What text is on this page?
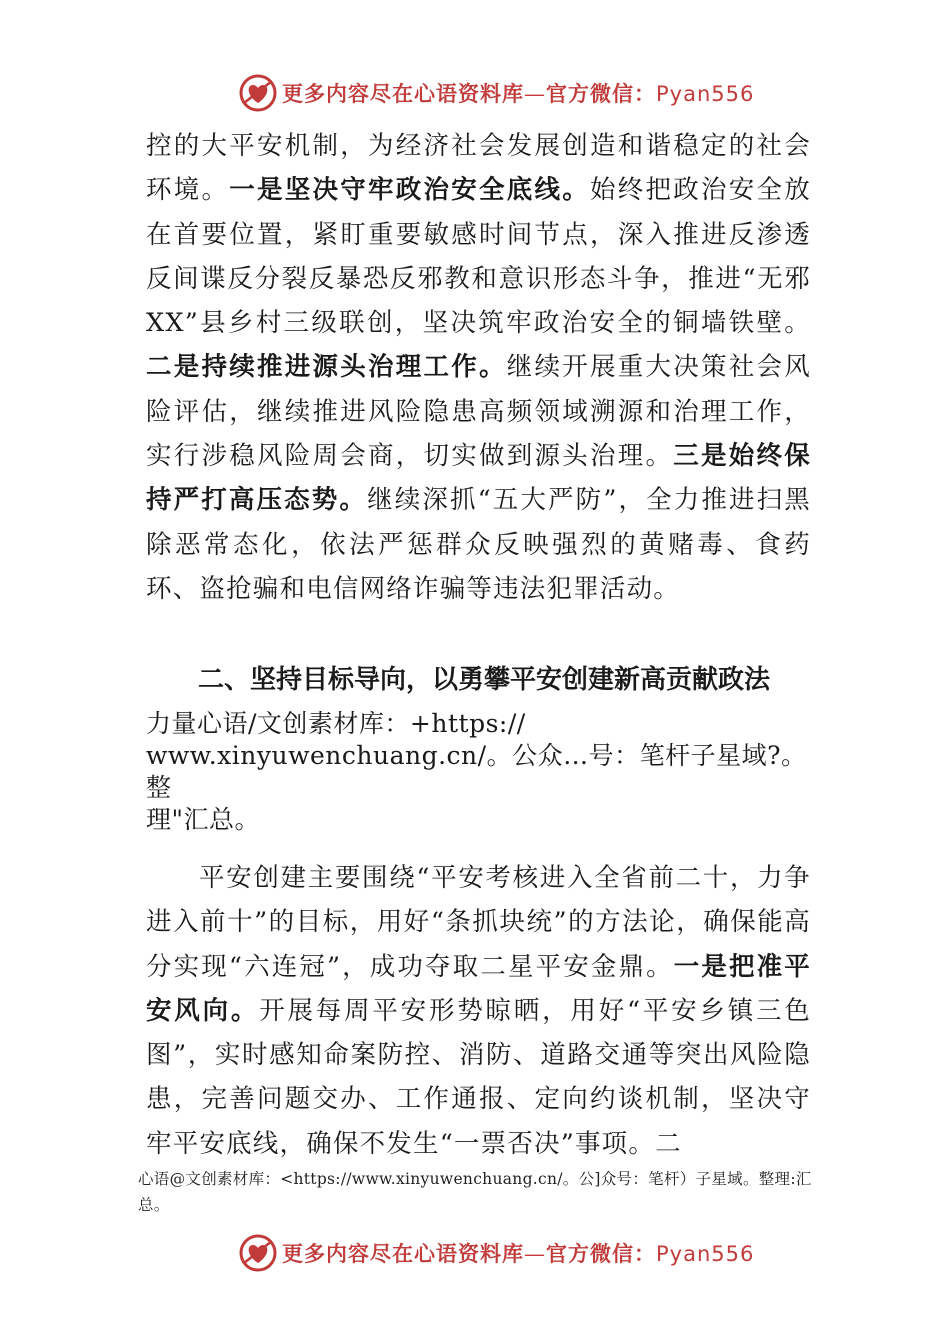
更多内容尽在心语资料库—官方微信：Pyan556

控的大平安机制，为经济社会发展创造和谐稳定的社会环境。一是坚决守牢政治安全底线。始终把政治安全放在首要位置，紧盯重要敏感时间节点，深入推进反渗透反间谍反分裂反暴恐反邪教和意识形态斗争，推进“无邪 XX”县乡村三级联创，坚决筑牢政治安全的铜墙铁壁。二是持续推进源头治理工作。继续开展重大决策社会风险评估，继续推进风险隐患高频领域溯源和治理工作，实行涉稳风险周会商，切实做到源头治理。三是始终保持严打高压态势。继续深抓“五大严防”，全力推进扫黑除恶常态化，依法严惩群众反映强烈的黄赌毒、食药环、盗抢骗和电信网络诈骗等违法犯罪活动。

二、坚持目标导向，以勇攀平安创建新高贡献政法
力量心语/文创素材库：+https://
www.xinyuwenchuang.cn/。公众…号：笔杆子星域?。整
理"汇总。

平安创建主要围绕“平安考核进入全省前二十，力争进入前十”的目标，用好“条抓块统”的方法论，确保能高分实现“六连冠”，成功夺取二星平安金鼎。一是把准平安风向。开展每周平安形势晾晒，用好“平安乡镇三色图”，实时感知命案防控、消防、道路交通等突出风险隐患，完善问题交办、工作通报、定向约谈机制，坚决守牢平安底线，确保不发生“一票否决”事项。二

心语@文创素材库：<https://www.xinyuwenchuang.cn/。公]众号：笔杆）子星域。整理:汇总。

更多内容尽在心语资料库—官方微信：Pyan556
